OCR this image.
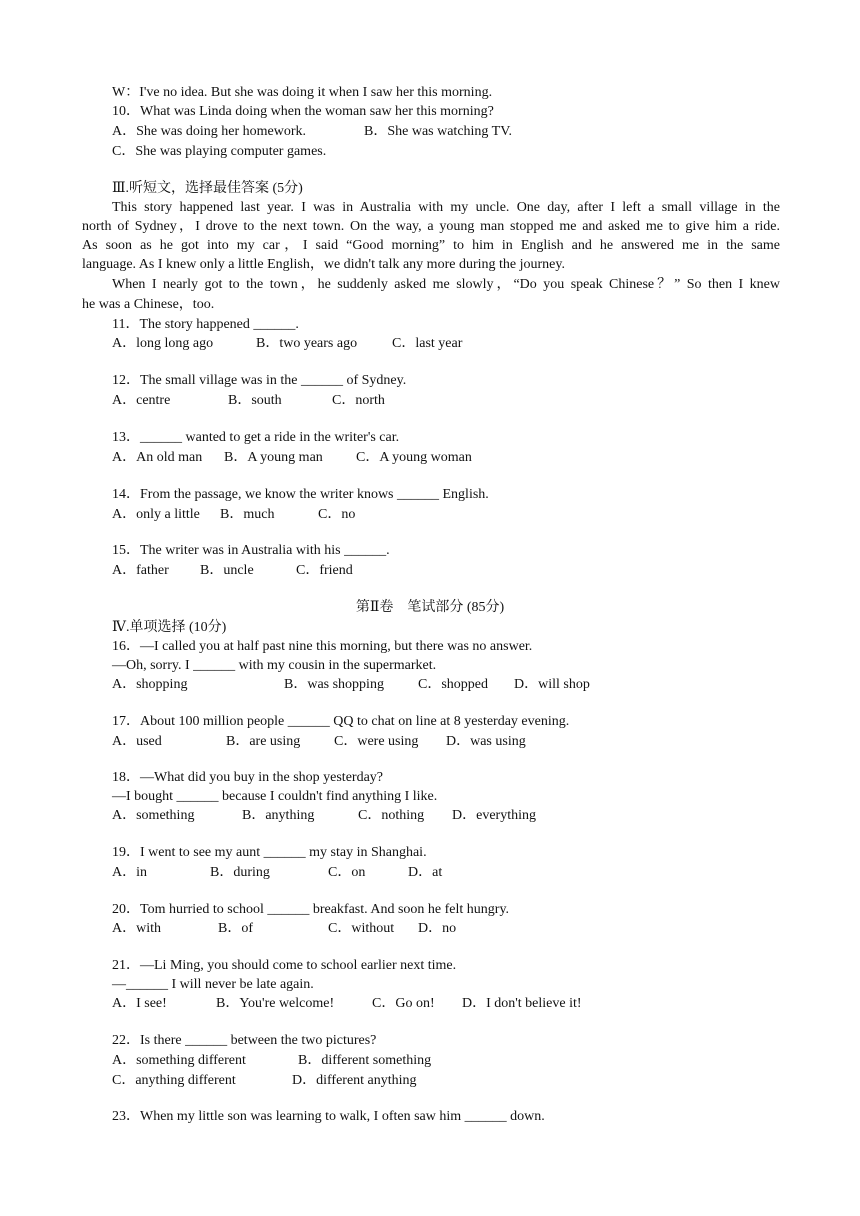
W：I've no idea. But she was doing it when I saw her this morning.
10．What was Linda doing when the woman saw her this morning?
A．She was doing her homework.	B．She was watching TV.
C．She was playing computer games.
Ⅲ.听短文，选择最佳答案 (5分)
This story happened last year. I was in Australia with my uncle. One day, after I left a small village in the
north of Sydney，I drove to the next town. On the way, a young man stopped me and asked me to give him a ride.
As soon as he got into my car，I said “Good morning” to him in English and he answered me in the same
language. As I knew only a little English，we didn't talk any more during the journey.
When I nearly got to the town，he suddenly asked me slowly，“Do you speak Chinese？” So then I knew
he was a Chinese，too.
11．The story happened ______.
A．long long ago	B．two years ago C．last year
12．The small village was in the ______ of Sydney.
A．centre	B．south	C．north
13．______ wanted to get a ride in the writer's car.
A．An old man B．A young man C．A young woman
14．From the passage, we know the writer knows ______ English.
A．only a little B．much	C．no
15．The writer was in Australia with his ______.
A．father B．uncle	C．friend
第Ⅱ卷　笔试部分 (85分)
Ⅳ.单项选择 (10分)
16．—I called you at half past nine this morning, but there was no answer.
—Oh, sorry. I ______ with my cousin in the supermarket.
A．shopping	B．was shopping C．shopped D．will shop
17．About 100 million people ______ QQ to chat on line at 8 yesterday evening.
A．used	B．are using C．were using D．was using
18．—What did you buy in the shop yesterday?
—I bought ______ because I couldn't find anything I like.
A．something	B．anything	C．nothing D．everything
19．I went to see my aunt ______ my stay in Shanghai.
A．in	B．during	C．on	D．at
20．Tom hurried to school ______ breakfast. And soon he felt hungry.
A．with	B．of	C．without D．no
21．—Li Ming, you should come to school earlier next time.
—______ I will never be late again.
A．I see!	B．You're welcome!	C．Go on! D．I don't believe it!
22．Is there ______ between the two pictures?
A．something different	B．different something
C．anything different	D．different anything
23．When my little son was learning to walk, I often saw him ______ down.
